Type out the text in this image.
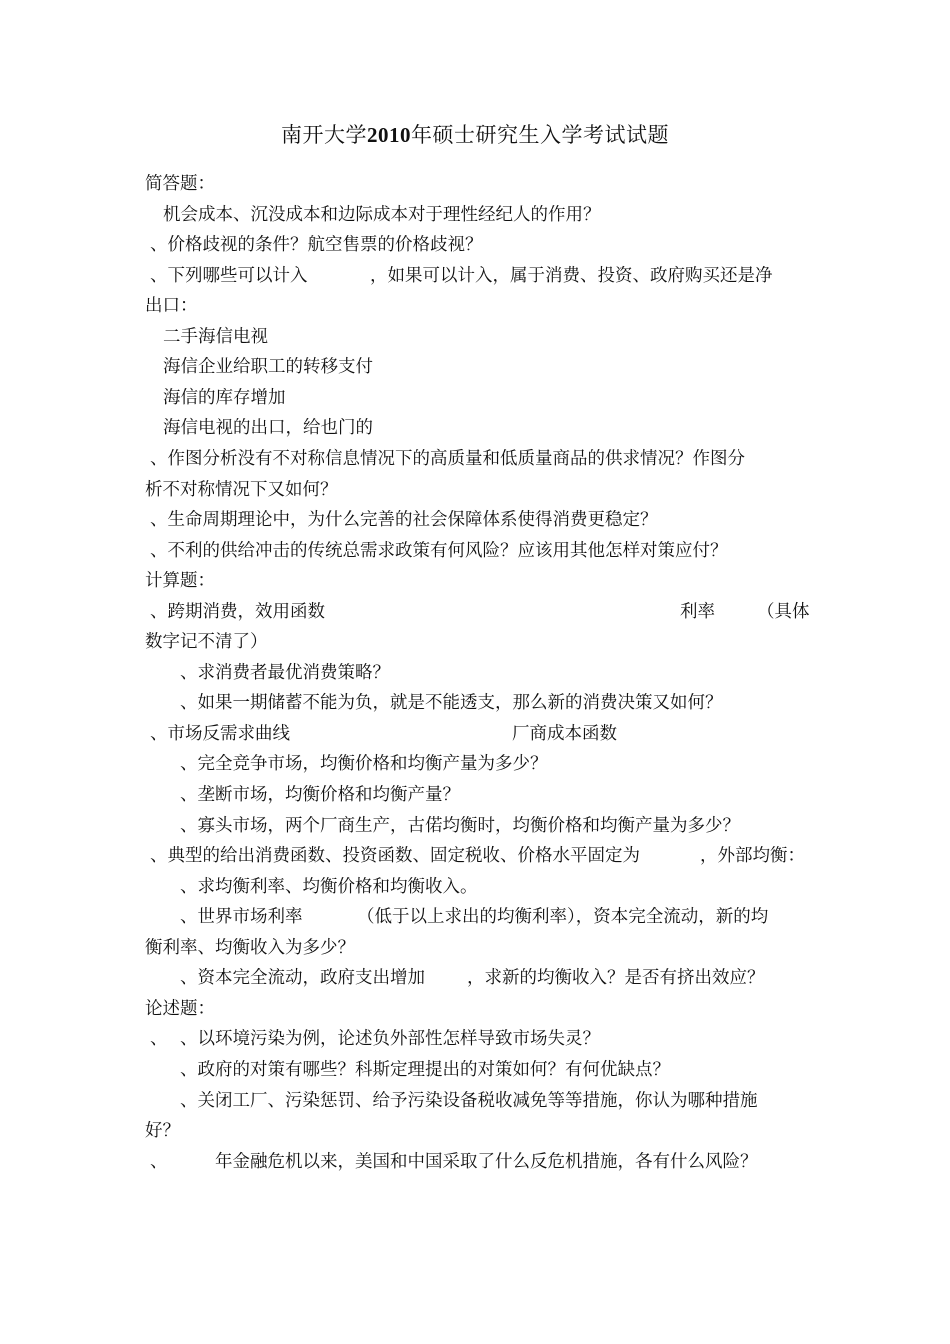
南开大学2010年硕士研究生入学考试试题
简答题：
机会成本、沉没成本和边际成本对于理性经纪人的作用？
、价格歧视的条件？航空售票的价格歧视？
、下列哪些可以计入	，如果可以计入，属于消费、投资、政府购买还是净
出口：
二手海信电视
海信企业给职工的转移支付
海信的库存增加
海信电视的出口，给也门的
、作图分析没有不对称信息情况下的高质量和低质量商品的供求情况？作图分
析不对称情况下又如何？
、生命周期理论中，为什么完善的社会保障体系使得消费更稳定？
、不利的供给冲击的传统总需求政策有何风险？应该用其他怎样对策应付？
计算题：
、跨期消费，效用函数	利率 （具体
数字记不清了）
、求消费者最优消费策略？
、如果一期储蓄不能为负，就是不能透支，那么新的消费决策又如何？
、市场反需求曲线	厂商成本函数
、完全竞争市场，均衡价格和均衡产量为多少？
、垄断市场，均衡价格和均衡产量？
、寡头市场，两个厂商生产，古偌均衡时，均衡价格和均衡产量为多少？
、典型的给出消费函数、投资函数、固定税收、价格水平固定为	，外部均衡：
、求均衡利率、均衡价格和均衡收入。
、世界市场利率	（低于以上求出的均衡利率），资本完全流动，新的均
衡利率、均衡收入为多少？
、资本完全流动，政府支出增加 ，求新的均衡收入？是否有挤出效应？
论述题：
、 、以环境污染为例，论述负外部性怎样导致市场失灵？
、政府的对策有哪些？科斯定理提出的对策如何？有何优缺点？
、关闭工厂、污染惩罚、给予污染设备税收减免等等措施，你认为哪种措施
好？
、	年金融危机以来，美国和中国采取了什么反危机措施，各有什么风险？
